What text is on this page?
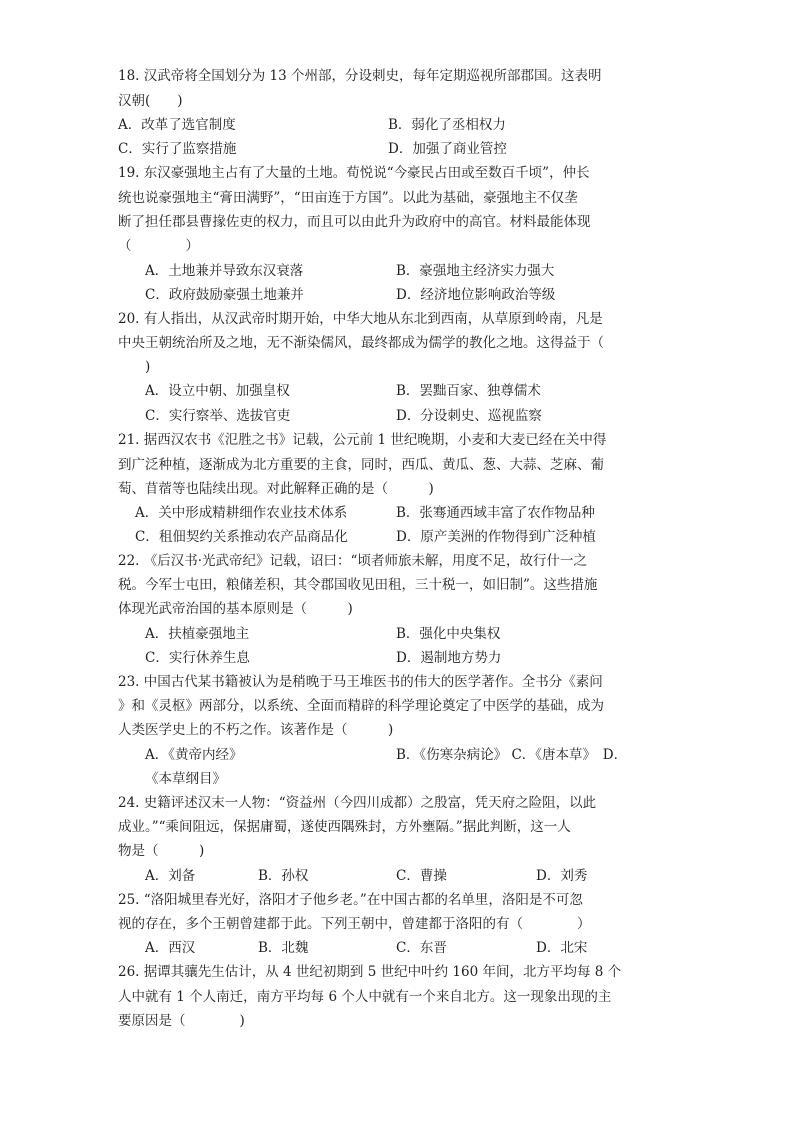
18. 汉武帝将全国划分为 13 个州部，分设刺史，每年定期巡视所部郡国。这表明
汉朝(　　)
A．改革了选官制度	B．弱化了丞相权力
C．实行了监察措施	D．加强了商业管控
19. 东汉豪强地主占有了大量的土地。荀悦说“今豪民占田或至数百千顷”，仲长
统也说豪强地主“膏田满野”，“田亩连于方国”。以此为基础，豪强地主不仅垄
断了担任郡县曹掾佐吏的权力，而且可以由此升为政府中的高官。材料最能体现
（　　　　）
A．土地兼并导致东汉衰落	B．豪强地主经济实力强大
C．政府鼓励豪强土地兼并	D．经济地位影响政治等级
20. 有人指出，从汉武帝时期开始，中华大地从东北到西南，从草原到岭南，凡是
中央王朝统治所及之地，无不渐染儒风，最终都成为儒学的教化之地。这得益于（
　　)
A．设立中朝、加强皇权	B．罢黜百家、独尊儒术
C．实行察举、选拔官吏	D．分设刺史、巡视监察
21. 据西汉农书《氾胜之书》记载，公元前 1 世纪晚期，小麦和大麦已经在关中得
到广泛种植，逐渐成为北方重要的主食，同时，西瓜、黄瓜、葱、大蒜、芝麻、葡
萄、苜蓿等也陆续出现。对此解释正确的是（　　　)
A．关中形成精耕细作农业技术体系	B．张骞通西域丰富了农作物品种
C．租佃契约关系推动农产品商品化	D．原产美洲的作物得到广泛种植
22. 《后汉书·光武帝纪》记载，诏曰：“顷者师旅未解，用度不足，故行什一之
税。今军士屯田，粮储差积，其令郡国收见田租，三十税一，如旧制”。这些措施
体现光武帝治国的基本原则是（　　　)
A．扶植豪强地主	B．强化中央集权
C．实行休养生息	D．遏制地方势力
23. 中国古代某书籍被认为是稍晚于马王堆医书的伟大的医学著作。全书分《素问
》和《灵枢》两部分，以系统、全面而精辟的科学理论奠定了中医学的基础，成为
人类医学史上的不朽之作。该著作是（　　　)
A．《黄帝内经》	B．《伤寒杂病论》 C．《唐本草》　D．
《本草纲目》
24. 史籍评述汉末一人物：“资益州（今四川成都）之殷富，凭天府之险阻，以此
成业。”“乘间阻远，保据庸蜀，遂使西隅殊封，方外壅隔。”据此判断，这一人
物是（　　　)
A．刘备	B．孙权	C．曹操	D．刘秀
25. “洛阳城里春光好，洛阳才子他乡老。”在中国古都的名单里，洛阳是不可忽
视的存在，多个王朝曾建都于此。下列王朝中，曾建都于洛阳的有（　　　　）
A．西汉	B．北魏	C．东晋	D．北宋
26. 据谭其骧先生估计，从 4 世纪初期到 5 世纪中叶约 160 年间，北方平均每 8 个
人中就有 1 个人南迁，南方平均每 6 个人中就有一个来自北方。这一现象出现的主
要原因是（　　　　)
